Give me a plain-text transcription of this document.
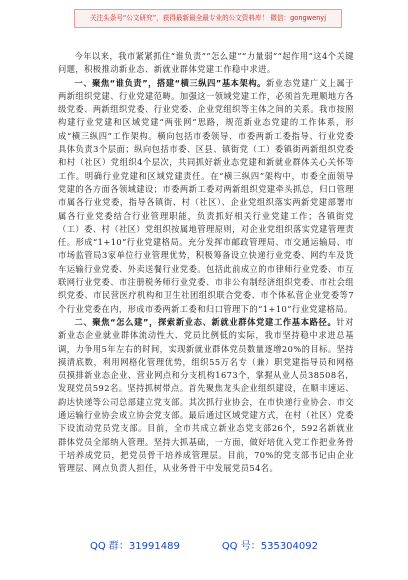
关注头条号“公文研究”，获得最新最全最专业的公文资料库！ 微信：gongwenyj

今年以来，我市紧紧抓住“谁负责”“怎么建”“力量弱”“起作用”这4个关键问题，积极推动新业态、新就业群体党建工作稳中求进。

一、聚焦“谁负责”，搭建“横三纵四”基本架构。新业态党建广义上属于两新组织党建、行业党建范畴。加强这一领域党建工作，必须首先理顺地方各级党委、两新组织党委、行业党委、企业党组织等主体之间的关系。我市按照构建行业党建和区域党建“两张网”思路，规范新业态党建的工作体系，形成“横三纵四”工作架构。横向包括市委领导、市委两新工委指导、行业党委具体负责3个层面；纵向包括市委、区县、镇街党（工）委镇街两新组织党委和村（社区）党组织4个层次，共同抓好新业态党建和新就业群体关心关怀等工作。明确行业党建和区域党建责任。在“横三纵四”架构中，市委全面领导党建的各方面各领域建设；市委两新工委对两新组织党建牵头抓总，归口管理市属各行业党委，指导各镇街、村（社区）、企业党组织落实两新党建部署市属各行业党委结合行业管理职能，负责抓好相关行业党建工作；各镇街党（工）委、村（社区）党组织按属地管理原则，对企业党组织落实党建管理责任。形成“1+10”行业党建格局。充分发挥市邮政管理局、市交通运输局、市市场监管局3家单位行业管理优势，积极筹备设立快递行业党委、网约车及货车运输行业党委、外卖送餐行业党委。包括此前成立的市律师行业党委、市互联网行业党委、市注册税务师行业党委、市非公有制经济组织党委、市社会组织党委、市民营医疗机构和卫生社团组织联合党委、市个体私营企业党委等7个行业党委在内，形成市委两新工委和归口管理下的“1+10”行业党建格局。

二、聚焦“怎么建”，探索新业态、新就业群体党建工作基本路径。针对新业态企业就业群体流动性大、党员比例低的实际，我市坚持稳中求进总基调，力争用5年左右的时间，实现新就业群体党员数量逐增20%的目标。坚持摸清底数，利用网格化管理优势，组织55万名专（兼）职党建指导员和网格员摸排新业态企业、营业网点和分支机构1673个，掌握从业人员38508名，发现党员592名。坚持抓树带点。首先聚焦龙头企业组织建设，在顺丰速运、韵达快递等公司总部建立党支部。其次抓行业协会，在市快递行业协会、市交通运输行业协会成立协会党支部。最后通过区域党建方式，在村（社区）党委下设流动党员党支部。目前，全市共成立新业态党支部26个，592名新就业群体党员全部纳入管理。坚持大抓基础，一方面，做好培优入党工作把业务骨干培养成党员，把党员骨干培养成管理层。目前，70%的党支部书记由企业管理层、网点负责人担任，从业务骨干中发展党员54名。

QQ 群：31991489	QQ 号：535304092
